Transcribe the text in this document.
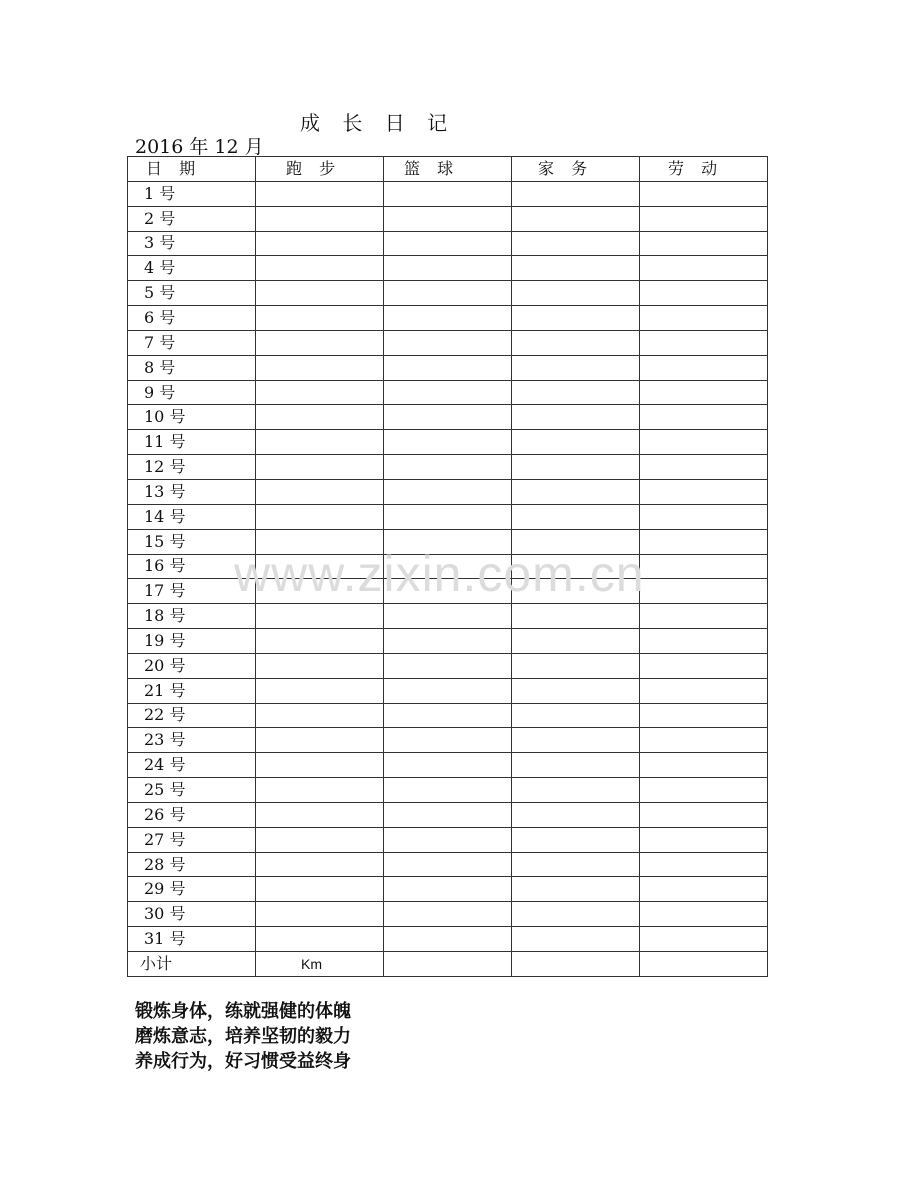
成 长 日 记
2016 年 12 月
日 期	跑 步	篮 球	家 务	劳 动
1 号				
2 号				
3 号				
4 号				
5 号				
6 号				
7 号				
8 号				
9 号				
10 号				
11 号				
12 号				
13 号				
14 号				
15 号				
16 号				
17 号				
18 号				
19 号				
20 号				
21 号				
22 号				
23 号				
24 号				
25 号				
26 号				
27 号				
28 号				
29 号				
30 号				
31 号				
小计	Km			
www.zixin.com.cn
锻炼身体，练就强健的体魄
磨炼意志，培养坚韧的毅力
养成行为，好习惯受益终身
